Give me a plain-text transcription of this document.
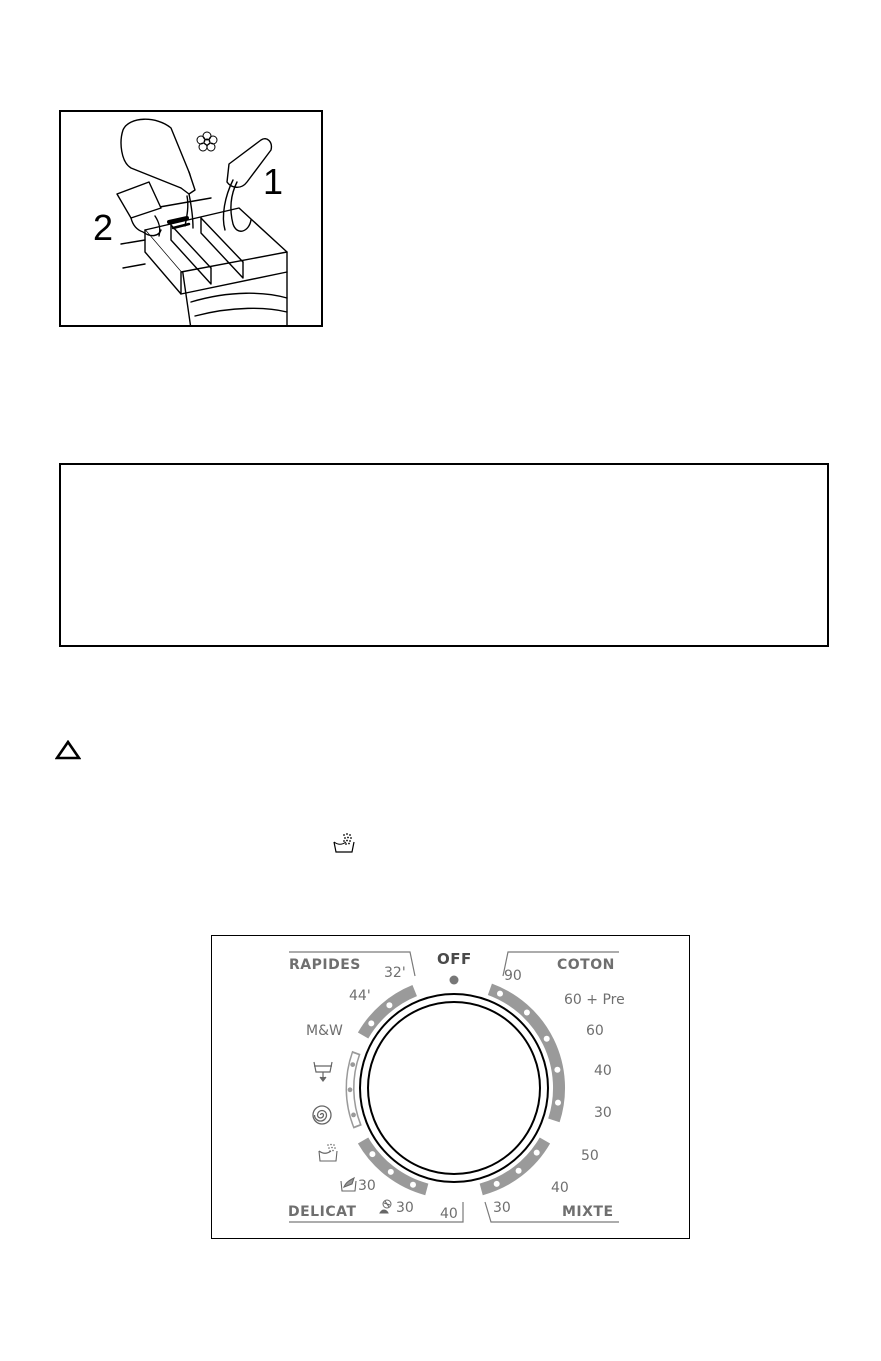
1
2
RAPIDES	COTON
DELICAT	MIXTE
OFF
32'
44'
M&W
90
60 + Pre
60
40
30
50
40
30
30
30 40
